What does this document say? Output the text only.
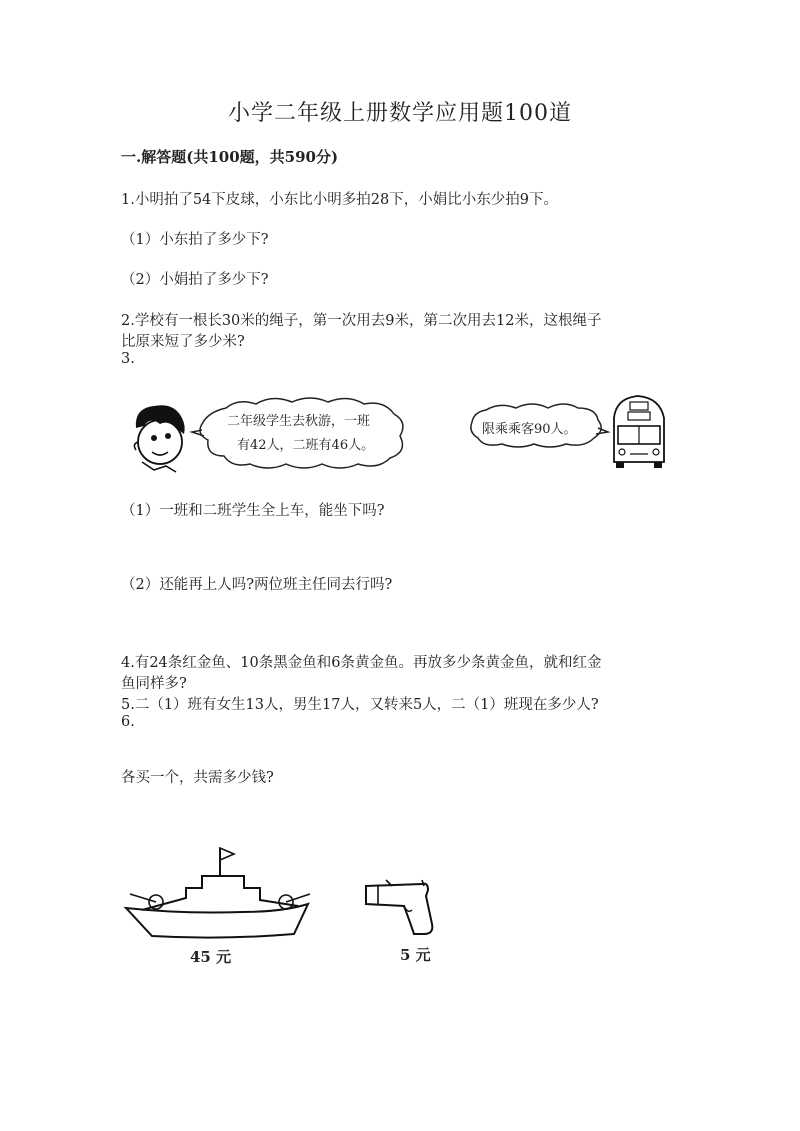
小学二年级上册数学应用题100道
一.解答题(共100题，共590分)
1.小明拍了54下皮球，小东比小明多拍28下，小娟比小东少拍9下。
（1）小东拍了多少下?
（2）小娟拍了多少下?
2.学校有一根长30米的绳子，第一次用去9米，第二次用去12米，这根绳子
比原来短了多少米?
3.
二年级学生去秋游，一班
有42人，二班有46人。
限乘乘客90人。
（1）一班和二班学生全上车，能坐下吗?
（2）还能再上人吗?两位班主任同去行吗?
4.有24条红金鱼、10条黑金鱼和6条黄金鱼。再放多少条黄金鱼，就和红金
鱼同样多?
5.二（1）班有女生13人，男生17人，又转来5人，二（1）班现在多少人?
6.
各买一个，共需多少钱?
45 元	5 元
